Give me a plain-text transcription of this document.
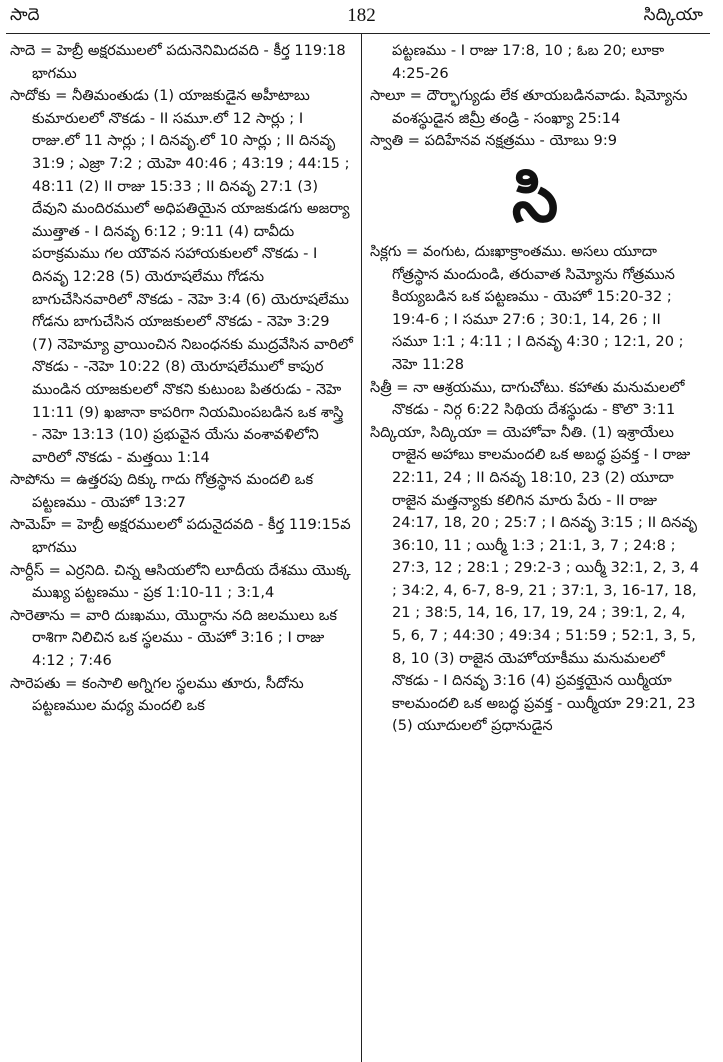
సాదె	182	సిద్కియా

సాదె = హెబ్రీ అక్షరములలో పదునెనిమిదవది - కీర్త 119:18 భాగము

సాదోకు = నీతిమంతుడు (1) యాజకుడైన అహీటాబు కుమారులలో నొకడు - II సమూ.లో 12 సార్లు ; I రాజు.లో 11 సార్లు ; I దినవృ.లో 10 సార్లు ; II దినవృ 31:9 ; ఎజ్రా 7:2 ; యెహె 40:46 ; 43:19 ; 44:15 ; 48:11 (2) II రాజు 15:33 ; II దినవృ 27:1 (3) దేవుని మందిరములో అధిపతియైన యాజకుడగు అజర్యా ముత్తాత - I దినవృ 6:12 ; 9:11 (4) దావీదు పరాక్రమము గల యౌవన సహాయకులలో నొకడు - I దినవృ 12:28 (5) యెరూషలేము గోడను బాగుచేసినవారిలో నొకడు - నెహె 3:4 (6) యెరూషలేము గోడను బాగుచేసిన యాజకులలో నొకడు - నెహె 3:29 (7) నెహెమ్యా వ్రాయించిన నిబంధనకు ముద్రవేసిన వారిలో నొకడు - -నెహె 10:22 (8) యెరూషలేములో కాపుర ముండిన యాజకులలో నొకని కుటుంబ పితరుడు - నెహె 11:11 (9) ఖజానా కాపరిగా నియమింపబడిన ఒక శాస్త్రి - నెహె 13:13 (10) ప్రభువైన యేసు వంశావళిలోని వారిలో నొకడు - మత్తయి 1:14

సాపోను = ఉత్తరపు దిక్కు గాదు గోత్రస్థాన మందలి ఒక పట్టణము - యెహో 13:27

సామెహ్ = హెబ్రీ అక్షరములలో పదునైదవది - కీర్త 119:15వ భాగము

సార్దీస్ = ఎర్రనిది. చిన్న ఆసియలోని లూదీయ దేశము యొక్క ముఖ్య పట్టణము - ప్రక 1:10-11 ; 3:1,4

సారెతాను = వారి దుఃఖము, యొర్దాను నది జలములు ఒక రాశిగా నిలిచిన ఒక స్థలము - యెహో 3:16 ; I రాజు 4:12 ; 7:46

సారెపతు = కంసాలి అగ్నిగల స్థలము తూరు, సీదోను పట్టణముల మధ్య మందలి ఒక

పట్టణము - I రాజు 17:8, 10 ; ఓబ 20; లూకా 4:25-26

సాలూ = దౌర్భాగ్యుడు లేక తూయబడినవాడు. షిమ్యోను వంశస్థుడైన జిమ్రీ తండ్రి - సంఖ్యా 25:14

స్వాతి = పదిహేనవ నక్షత్రము - యోబు 9:9

సి

సిక్లగు = వంగుట, దుఃఖాక్రాంతము. అసలు యూదా గోత్రస్థాన మందుండి, తరువాత సిమ్యోను గోత్రమున కియ్యబడిన ఒక పట్టణము - యెహో 15:20-32 ; 19:4-6 ; I సమూ 27:6 ; 30:1, 14, 26 ; II సమూ 1:1 ; 4:11 ; I దినవృ 4:30 ; 12:1, 20 ; నెహె 11:28

సిత్రీ = నా ఆశ్రయము, దాగుచోటు. కహాతు మనుమలలో నొకడు - నిర్గ 6:22 సిథియ దేశస్థుడు - కొలొ 3:11

సిద్కియా, సిద్కియా = యెహోవా నీతి. (1) ఇశ్రాయేలు రాజైన అహాబు కాలమందలి ఒక అబద్ధ ప్రవక్త - I రాజు 22:11, 24 ; II దినవృ 18:10, 23 (2) యూదా రాజైన మత్తన్యాకు కలిగిన మారు పేరు - II రాజు 24:17, 18, 20 ; 25:7 ; I దినవృ 3:15 ; II దినవృ 36:10, 11 ; యిర్మీ 1:3 ; 21:1, 3, 7 ; 24:8 ; 27:3, 12 ; 28:1 ; 29:2-3 ; యిర్మీ 32:1, 2, 3, 4 ; 34:2, 4, 6-7, 8-9, 21 ; 37:1, 3, 16-17, 18, 21 ; 38:5, 14, 16, 17, 19, 24 ; 39:1, 2, 4, 5, 6, 7 ; 44:30 ; 49:34 ; 51:59 ; 52:1, 3, 5, 8, 10 (3) రాజైన యెహోయాకీము మనుమలలో నొకడు - I దినవృ 3:16 (4) ప్రవక్తయైన యిర్మీయా కాలమందలి ఒక అబద్ధ ప్రవక్త - యిర్మీయా 29:21, 23 (5) యూదులలో ప్రధానుడైన
